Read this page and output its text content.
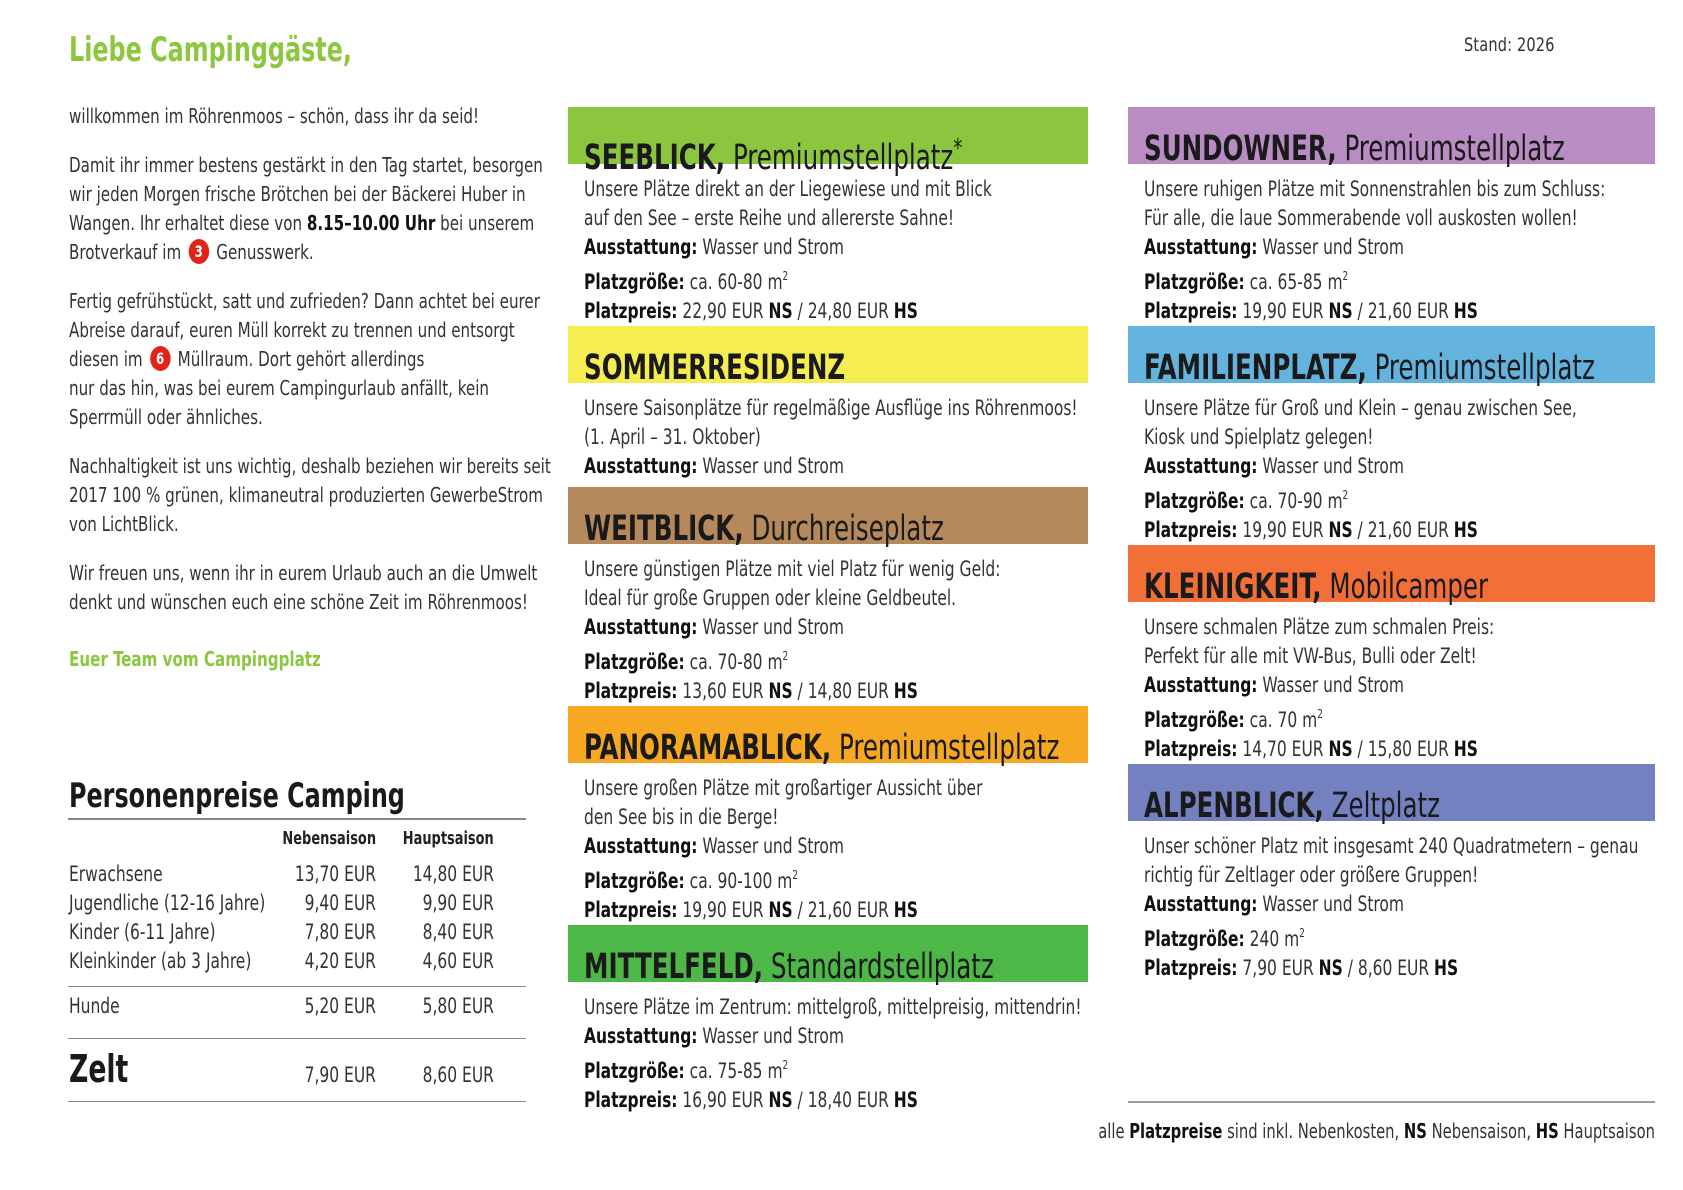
Stand: 2026
Liebe Campinggäste,

willkommen im Röhrenmoos – schön, dass ihr da seid!

Damit ihr immer bestens gestärkt in den Tag startet, besorgen wir jeden Morgen frische Brötchen bei der Bäckerei Huber in Wangen. Ihr erhaltet diese von 8.15–10.00 Uhr bei unserem Brotverkauf im 3 Genusswerk.

Fertig gefrühstückt, satt und zufrieden? Dann achtet bei eurer Abreise darauf, euren Müll korrekt zu trennen und entsorgt diesen im 6 Müllraum. Dort gehört allerdings
nur das hin, was bei eurem Campingurlaub anfällt, kein Sperrmüll oder ähnliches.

Nachhaltigkeit ist uns wichtig, deshalb beziehen wir bereits seit 2017 100 % grünen, klimaneutral produzierten GewerbeStrom von LichtBlick.

Wir freuen uns, wenn ihr in eurem Urlaub auch an die Umwelt denkt und wünschen euch eine schöne Zeit im Röhrenmoos!

Euer Team vom Campingplatz

Personenpreise Camping
Nebensaison Hauptsaison
Erwachsene	13,70 EUR 14,80 EUR
Jugendliche (12-16 Jahre) 9,40 EUR 9,90 EUR
Kinder (6-11 Jahre)	7,80 EUR 8,40 EUR
Kleinkinder (ab 3 Jahre)	4,20 EUR 4,60 EUR
Hunde	5,20 EUR 5,80 EUR
Zelt	7,90 EUR 8,60 EUR
SEEBLICK, Premiumstellplatz*
Unsere Plätze direkt an der Liegewiese und mit Blick
auf den See – erste Reihe und allererste Sahne!
Ausstattung: Wasser und Strom
Platzgröße: ca. 60-80 $m^2$
Platzpreis: 22,90 EUR NS / 24,80 EUR HS
SOMMERRESIDENZ
Unsere Saisonplätze für regelmäßige Ausflüge ins Röhrenmoos!
(1. April – 31. Oktober)
Ausstattung: Wasser und Strom
WEITBLICK, Durchreiseplatz
Unsere günstigen Plätze mit viel Platz für wenig Geld:
Ideal für große Gruppen oder kleine Geldbeutel.
Ausstattung: Wasser und Strom
Platzgröße: ca. 70-80 $m^2$
Platzpreis: 13,60 EUR NS / 14,80 EUR HS
PANORAMABLICK, Premiumstellplatz
Unsere großen Plätze mit großartiger Aussicht über
den See bis in die Berge!
Ausstattung: Wasser und Strom
Platzgröße: ca. 90-100 $m^2$
Platzpreis: 19,90 EUR NS / 21,60 EUR HS
MITTELFELD, Standardstellplatz
Unsere Plätze im Zentrum: mittelgroß, mittelpreisig, mittendrin!
Ausstattung: Wasser und Strom
Platzgröße: ca. 75-85 $m^2$
Platzpreis: 16,90 EUR NS / 18,40 EUR HS
SUNDOWNER, Premiumstellplatz
Unsere ruhigen Plätze mit Sonnenstrahlen bis zum Schluss:
Für alle, die laue Sommerabende voll auskosten wollen!
Ausstattung: Wasser und Strom
Platzgröße: ca. 65-85 $m^2$
Platzpreis: 19,90 EUR NS / 21,60 EUR HS
FAMILIENPLATZ, Premiumstellplatz
Unsere Plätze für Groß und Klein – genau zwischen See,
Kiosk und Spielplatz gelegen!
Ausstattung: Wasser und Strom
Platzgröße: ca. 70-90 $m^2$
Platzpreis: 19,90 EUR NS / 21,60 EUR HS
KLEINIGKEIT, Mobilcamper
Unsere schmalen Plätze zum schmalen Preis:
Perfekt für alle mit VW-Bus, Bulli oder Zelt!
Ausstattung: Wasser und Strom
Platzgröße: ca. 70 $m^2$
Platzpreis: 14,70 EUR NS / 15,80 EUR HS
ALPENBLICK, Zeltplatz
Unser schöner Platz mit insgesamt 240 Quadratmetern – genau
richtig für Zeltlager oder größere Gruppen!
Ausstattung: Wasser und Strom
Platzgröße: 240 $m^2$
Platzpreis: 7,90 EUR NS / 8,60 EUR HS
alle Platzpreise sind inkl. Nebenkosten, NS Nebensaison, HS Hauptsaison
